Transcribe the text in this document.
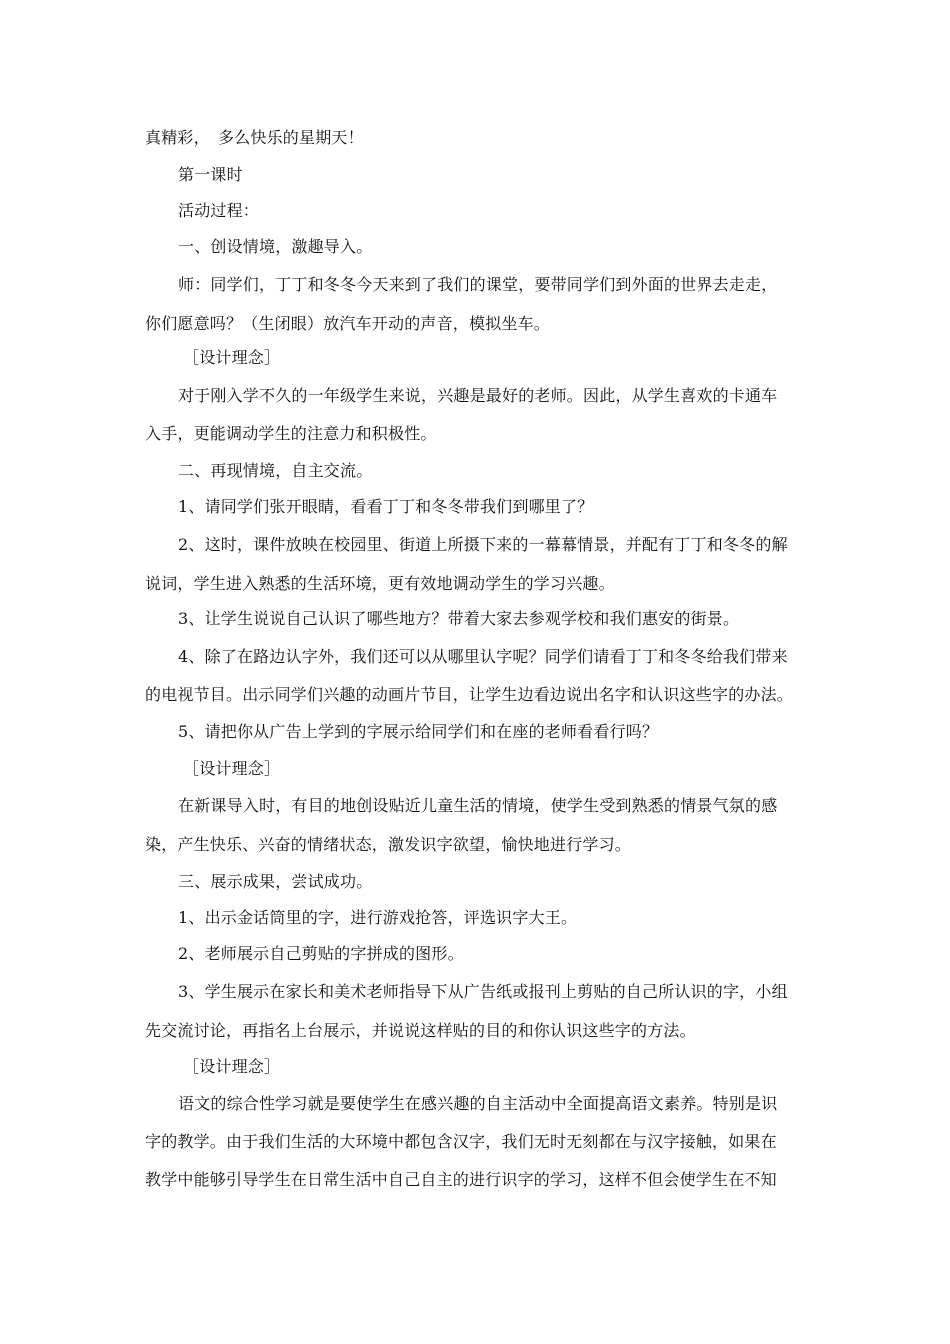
真精彩，　多么快乐的星期天！
第一课时
活动过程：
一、创设情境，激趣导入。
师：同学们，丁丁和冬冬今天来到了我们的课堂，要带同学们到外面的世界去走走，
你们愿意吗？（生闭眼）放汽车开动的声音，模拟坐车。
［设计理念］
对于刚入学不久的一年级学生来说，兴趣是最好的老师。因此，从学生喜欢的卡通车
入手，更能调动学生的注意力和积极性。
二、再现情境，自主交流。
1、请同学们张开眼睛，看看丁丁和冬冬带我们到哪里了？
2、这时，课件放映在校园里、街道上所摄下来的一幕幕情景，并配有丁丁和冬冬的解
说词，学生进入熟悉的生活环境，更有效地调动学生的学习兴趣。
3、让学生说说自己认识了哪些地方？带着大家去参观学校和我们惠安的街景。
4、除了在路边认字外，我们还可以从哪里认字呢？同学们请看丁丁和冬冬给我们带来
的电视节目。出示同学们兴趣的动画片节目，让学生边看边说出名字和认识这些字的办法。
5、请把你从广告上学到的字展示给同学们和在座的老师看看行吗？
［设计理念］
在新课导入时，有目的地创设贴近儿童生活的情境，使学生受到熟悉的情景气氛的感
染，产生快乐、兴奋的情绪状态，激发识字欲望，愉快地进行学习。
三、展示成果，尝试成功。
1、出示金话筒里的字，进行游戏抢答，评选识字大王。
2、老师展示自己剪贴的字拼成的图形。
3、学生展示在家长和美术老师指导下从广告纸或报刊上剪贴的自己所认识的字，小组
先交流讨论，再指名上台展示，并说说这样贴的目的和你认识这些字的方法。
［设计理念］
语文的综合性学习就是要使学生在感兴趣的自主活动中全面提高语文素养。特别是识
字的教学。由于我们生活的大环境中都包含汉字，我们无时无刻都在与汉字接触，如果在
教学中能够引导学生在日常生活中自己自主的进行识字的学习，这样不但会使学生在不知
